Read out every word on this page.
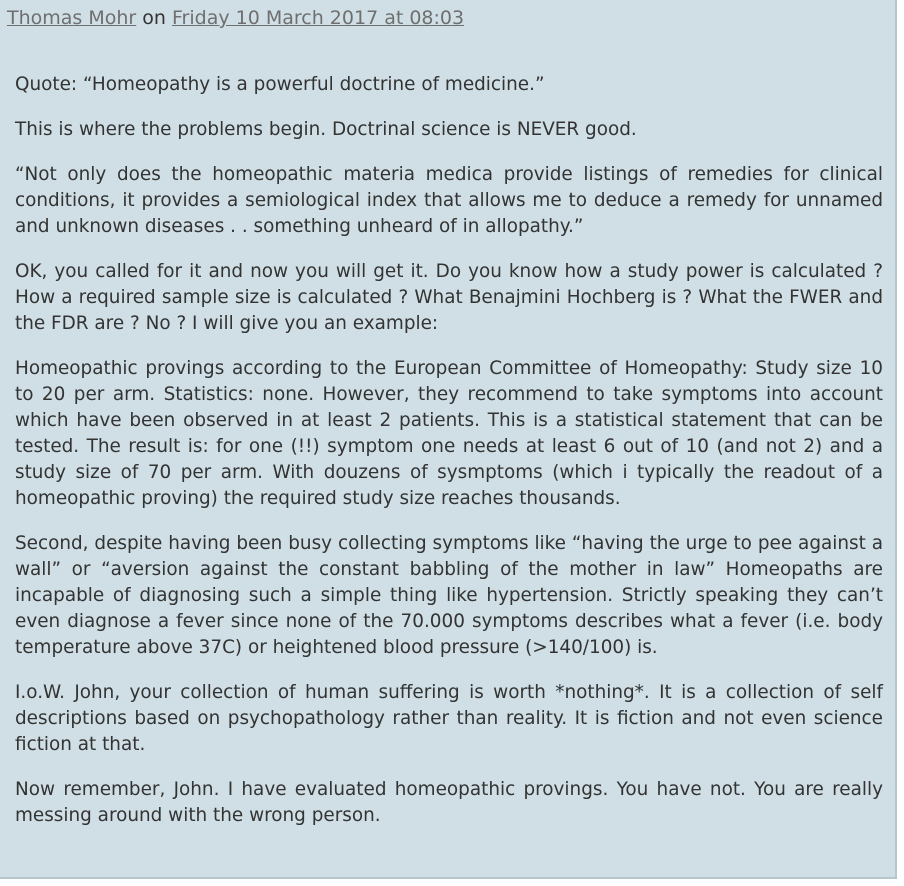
Thomas Mohr on Friday 10 March 2017 at 08:03

Quote: “Homeopathy is a powerful doctrine of medicine.”

This is where the problems begin. Doctrinal science is NEVER good.

“Not only does the homeopathic materia medica provide listings of remedies for clinical conditions, it provides a semiological index that allows me to deduce a remedy for unnamed and unknown diseases . . something unheard of in allopathy.”

OK, you called for it and now you will get it. Do you know how a study power is calculated ? How a required sample size is calculated ? What Benajmini Hochberg is ? What the FWER and the FDR are ? No ? I will give you an example:

Homeopathic provings according to the European Committee of Homeopathy: Study size 10 to 20 per arm. Statistics: none. However, they recommend to take symptoms into account which have been observed in at least 2 patients. This is a statistical statement that can be tested. The result is: for one (!!) symptom one needs at least 6 out of 10 (and not 2) and a study size of 70 per arm. With douzens of sysmptoms (which i typically the readout of a homeopathic proving) the required study size reaches thousands.

Second, despite having been busy collecting symptoms like “having the urge to pee against a wall” or “aversion against the constant babbling of the mother in law” Homeopaths are incapable of diagnosing such a simple thing like hypertension. Strictly speaking they can’t even diagnose a fever since none of the 70.000 symptoms describes what a fever (i.e. body temperature above 37C) or heightened blood pressure (>140/100) is.

I.o.W. John, your collection of human suffering is worth *nothing*. It is a collection of self descriptions based on psychopathology rather than reality. It is fiction and not even science fiction at that.

Now remember, John. I have evaluated homeopathic provings. You have not. You are really messing around with the wrong person.
